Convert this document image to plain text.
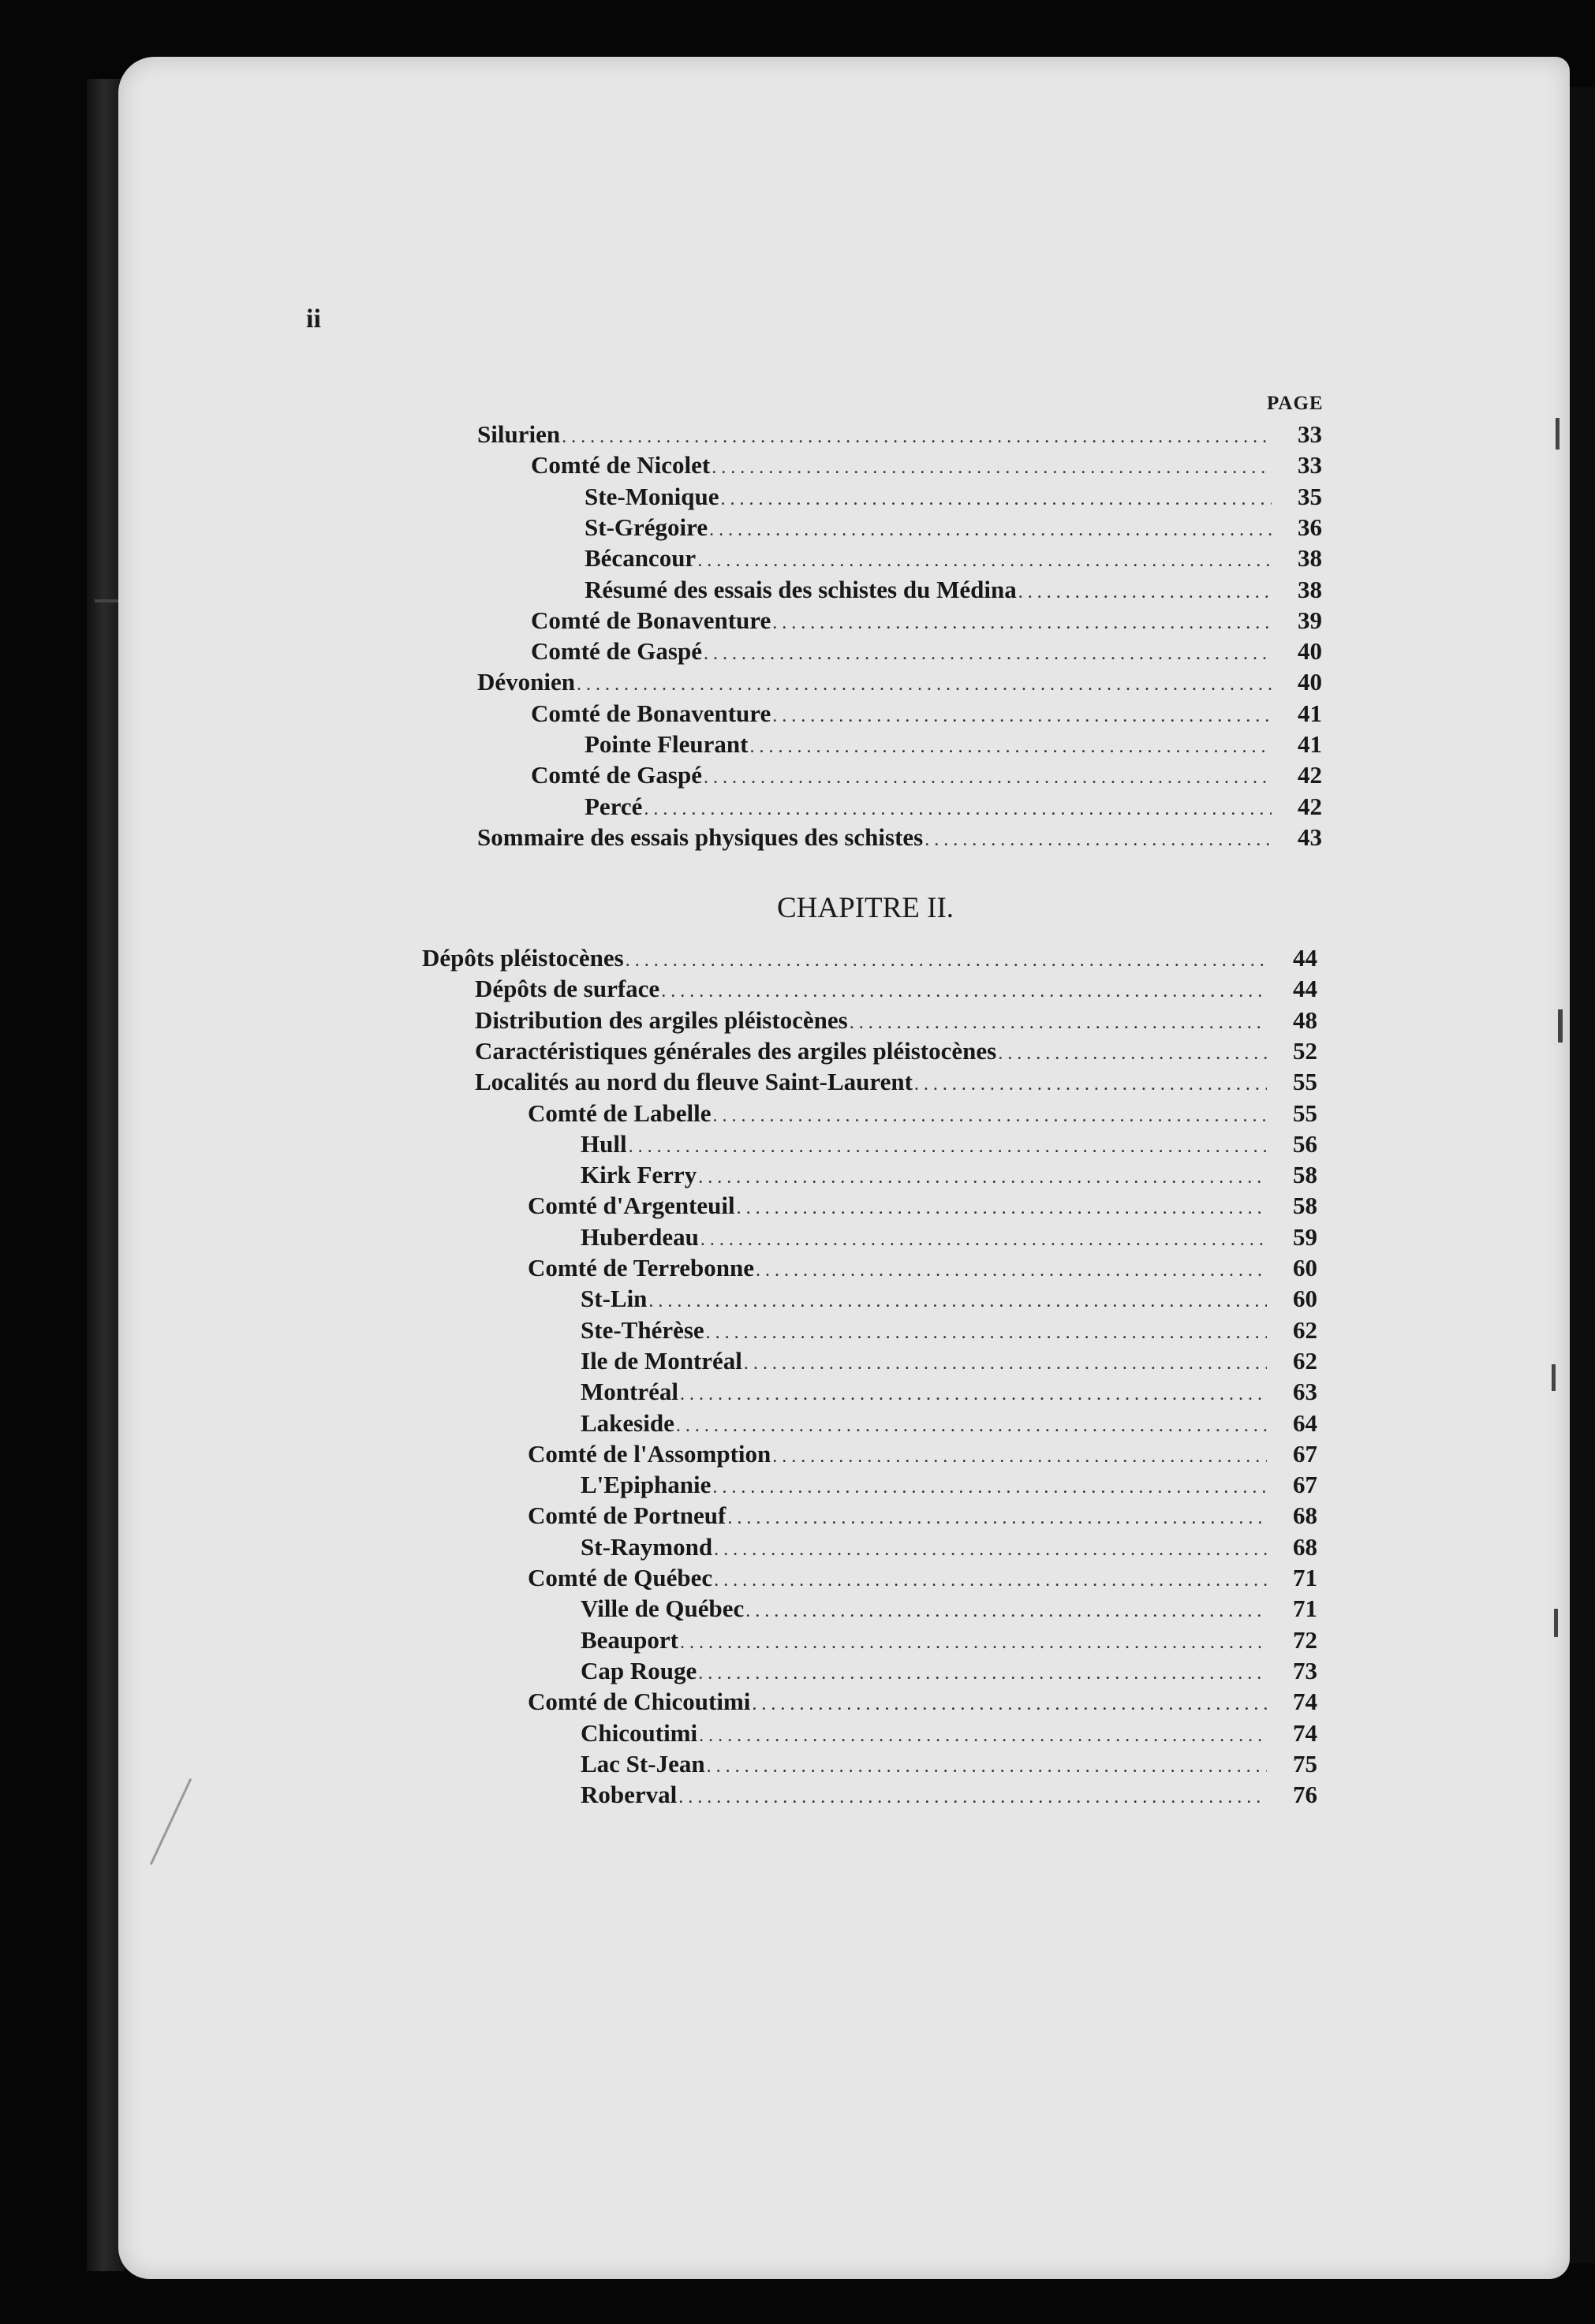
ii
PAGE
CHAPITRE II.
Silurien . . .	33
Comté de Nicolet . . .	33
Ste-Monique . . .	35
St-Grégoire . . .	36
Bécancour . . .	38
Résumé des essais des schistes du Médina . . .	38
Comté de Bonaventure . . .	39
Comté de Gaspé . . .	40
Dévonien . . .	40
Comté de Bonaventure . . .	41
Pointe Fleurant . . .	41
Comté de Gaspé . . .	42
Percé . . .	42
Sommaire des essais physiques des schistes . . .	43
Dépôts pléistocènes . . .	44
Dépôts de surface . . .	44
Distribution des argiles pléistocènes . . .	48
Caractéristiques générales des argiles pléistocènes . . .	52
Localités au nord du fleuve Saint-Laurent . . .	55
Comté de Labelle . . .	55
Hull . . .	56
Kirk Ferry . . .	58
Comté d'Argenteuil . . .	58
Huberdeau . . .	59
Comté de Terrebonne . . .	60
St-Lin . . .	60
Ste-Thérèse . . .	62
Ile de Montréal . . .	62
Montréal . . .	63
Lakeside . . .	64
Comté de l'Assomption . . .	67
L'Epiphanie . . .	67
Comté de Portneuf . . .	68
St-Raymond . . .	68
Comté de Québec . . .	71
Ville de Québec . . .	71
Beauport . . .	72
Cap Rouge . . .	73
Comté de Chicoutimi . . .	74
Chicoutimi . . .	74
Lac St-Jean . . .	75
Roberval . . .	76
